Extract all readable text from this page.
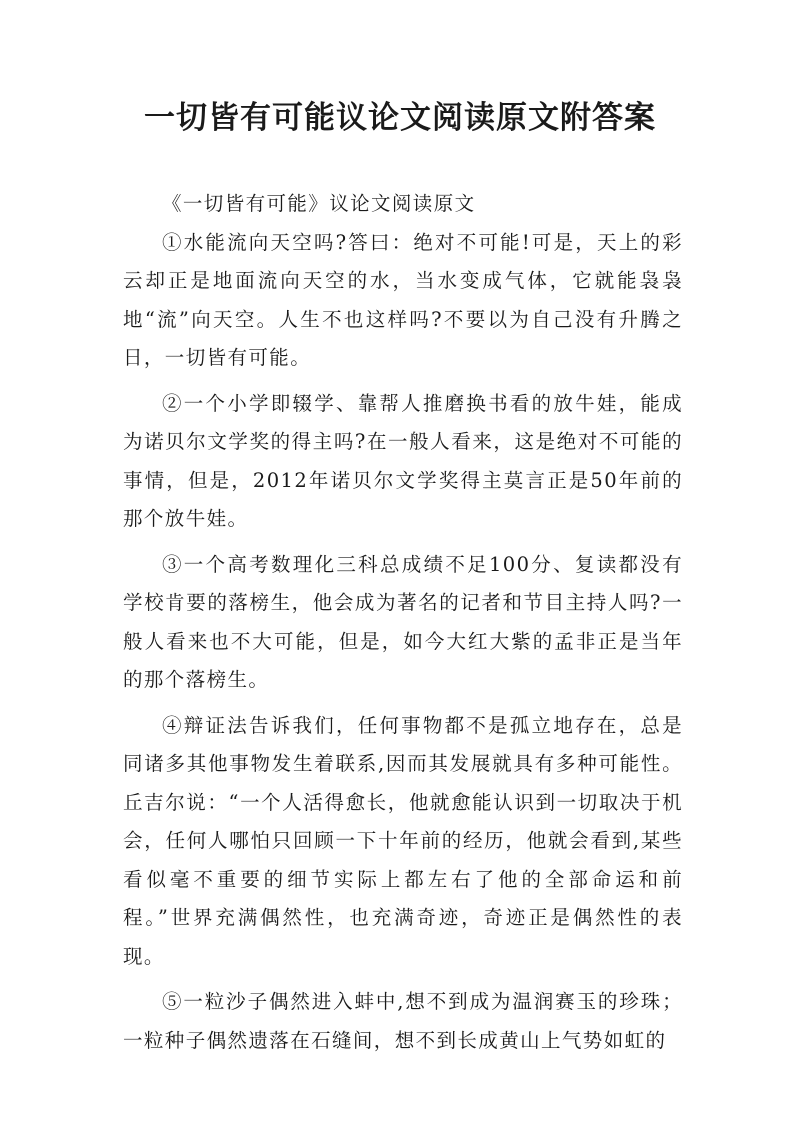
一切皆有可能议论文阅读原文附答案

《一切皆有可能》议论文阅读原文

①水能流向天空吗?答曰：绝对不可能!可是，天上的彩云却正是地面流向天空的水，当水变成气体，它就能袅袅地“流”向天空。人生不也这样吗?不要以为自己没有升腾之日，一切皆有可能。

②一个小学即辍学、靠帮人推磨换书看的放牛娃，能成为诺贝尔文学奖的得主吗?在一般人看来，这是绝对不可能的事情，但是，2012年诺贝尔文学奖得主莫言正是50年前的那个放牛娃。

③一个高考数理化三科总成绩不足100分、复读都没有学校肯要的落榜生，他会成为著名的记者和节目主持人吗?一般人看来也不大可能，但是，如今大红大紫的孟非正是当年的那个落榜生。

④辩证法告诉我们，任何事物都不是孤立地存在，总是同诸多其他事物发生着联系,因而其发展就具有多种可能性。丘吉尔说：“一个人活得愈长，他就愈能认识到一切取决于机会，任何人哪怕只回顾一下十年前的经历，他就会看到,某些看似毫不重要的细节实际上都左右了他的全部命运和前程。”世界充满偶然性，也充满奇迹，奇迹正是偶然性的表现。

⑤一粒沙子偶然进入蚌中,想不到成为温润赛玉的珍珠；一粒种子偶然遗落在石缝间，想不到长成黄山上气势如虹的
